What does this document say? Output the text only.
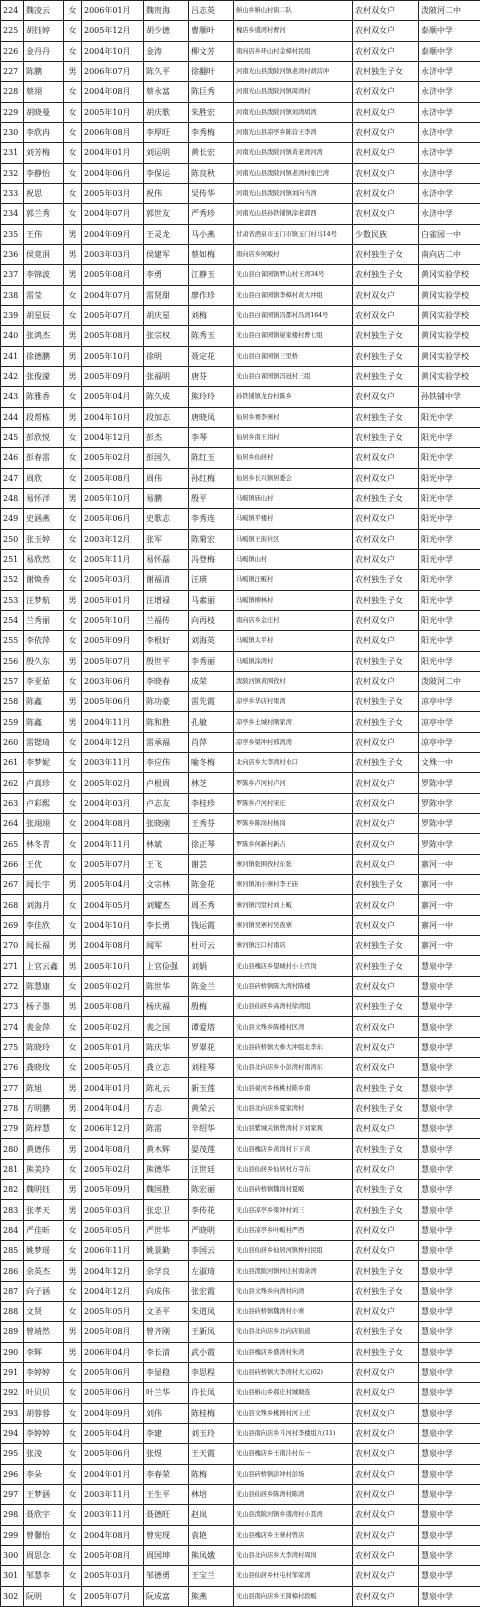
224	魏凌云	女	2006年01月	魏贵海	吕志英	斛山乡斛山村街二队	农村双女户	泼陂河二中
225	胡钰婷	女	2005年12月	胡少德	曹顺叶	槐店乡盛湾村曹河	农村双女户	泰顺中学
226	金丹丹	女	2004年10月	金涛	柳文芳	南向店乡环山村金樟村民组	农村双女户	泰顺中学
227	陈鹏	男	2006年07月	陈久平	徐翻叶	河南光山县泼陂河镇老湾村胡营冲	农村独生子女	永济中学
228	蔡翊	女	2004年08月	蔡永富	陈巨秀	河南光山县泼陂河镇周湾村	农村双女户	永济中学
229	胡晓曼	女	2005年10月	胡庆歌	朱胜宏	河南光山县泼陂河镇刘湾胡湾	农村双女户	永济中学
230	李欣冉	女	2006年08月	李厚旺	李秀梅	河南光山县凉亭乡陈营王李湾	农村双女户	永济中学
231	刘芳梅	女	2004年01月	刘运明	黄长宏	河南光山县泼陂河镇黄老湾河湾	农村双女户	永济中学
232	李静怡	女	2004年06月	李保运	陈良秋	河南光山县泼陂河镇老湾村张巴湾	农村双女户	永济中学
233	祝思	女	2005年03月	祝伟	吴传华	河南光山县泼陂河镇刘向当湾	农村双女户	永济中学
234	郭兰秀	女	2004年07月	郭世友	严秀珍	河南光山县孙铁铺镇涂老郭西	农村双女户	永济中学
235	王伟	男	2004年09月	王灵龙	马小燕	甘肃省酒泉市玉门市镇玉门村马14号	少数民族	白雀园一中
236	侯竟涓	男	2003年03月	侯建军	蔡如梅	南向店乡何畈村	农村独生子女	南向店二中
237	李锦波	男	2005年08月	李勇	江静玉	光山县白雀园镇罗山村王湾34号	农村独生子女	黄冈实验学校
238	雷莹	女	2004年07月	雷贤甜	廖作珍	光山县白雀园镇李樟村黄大冲组	农村双女户	黄冈实验学校
239	胡星辰	女	2005年07月	胡庆星	刘梅	光山县白雀园镇冯都村冯湾164号	农村双女户	黄冈实验学校
240	张鸿杰	男	2005年08月	张宗权	陈秀玉	光山县白雀园镇晏家楼村曹七组	农村独生子女	黄冈实验学校
241	徐德鹏	男	2005年10月	徐明	聂定花	光山县白雀园镇三里桥	农村独生子女	黄冈实验学校
242	张俊濠	男	2005年09月	张福明	唐芬	光山县白雀园镇冯冠村三组	农村独生子女	黄冈实验学校
243	陈雅香	女	2005年04月	陈久成	熊玲玲	孙铁铺镇龙台村陈乡	农村双女户	孙铁铺中学
244	段帮栋	男	2004年10月	段加志	唐晓凤	仙居乡赛李寨村	农村独生子女	阳光中学
245	彭欣悦	女	2004年12月	彭杰	李琴	仙居乡南王岗村	农村独生子女	阳光中学
246	彭春雷	女	2005年02月	彭国久	陈红玉	仙居乡仙居村	农村双女户	阳光中学
247	周欣	女	2005年08月	周伟	孙红梅	仙居乡长兴镇居委会	农村双女户	阳光中学
248	易怀洋	男	2005年10月	易鹏	殷平	马畈镇庙山村	农村独生子女	阳光中学
249	史涵燕	女	2005年06月	史歌志	李秀连	马畈镇平楼村	农村双女户	阳光中学
250	张玉婷	女	2003年12月	张军	陈菊宏	马畈镇王街社区	农村双女户	阳光中学
251	易欣然	女	2005年11月	易怀磊	冯登梅	马畈镇山村	农村双女户	阳光中学
252	谢焕香	女	2005年03月	谢福清	汪瑛	马畈镇汪畈村	农村独生子女	阳光中学
253	汪梦航	男	2005年01月	汪增禄	马素丽	马畈镇柳林村	农村独生子女	阳光中学
254	兰秀丽	女	2005年10月	兰福传	向再枝	南向店乡金庄村	农村双女户	阳光中学
255	李依萍	女	2005年09月	李根好	刘海英	马畈镇太平村	农村双女户	阳光中学
256	殷久东	男	2005年07月	殷世平	李秀丽	马畈镇涂湾村	农村独生子女	阳光中学
257	李亚茹	女	2003年06月	李晓春	成荣	泼陂河镇黄围孜村	农村双女户	泼陂河二中
258	陈鑫	男	2005年06月	陈功豪	雷先霞	凉亭乡华店村果湾	农村独生子女	凉亭中学
259	陈鑫	男	2004年11月	陈和胜	孔敏	凉亭乡土城村刚家湾	农村独生子女	凉亭中学
260	雷锶琦	女	2004年12月	雷承福	肖萍	凉亭乡梁冲村邢湾湾	农村双女户	凉亭中学
261	李梦妮	女	2003年11月	李应伟	喻冬梅	北向店乡大李湾村水口	农村独生子女	文殊一中
262	卢真珍	女	2005年02月	卢根周	林芝	罗陈乡卢河村卢河	农村双女户	罗陈中学
263	卢彩熙	女	2004年03月	卢志友	李桂珍	罗陈乡卢河村宋庄	农村双女户	罗陈中学
264	张翊翊	女	2004年08月	张晓刚	王秀芬	罗陈乡陈岗村杨岗	农村双女户	罗陈中学
265	林冬青	女	2004年11月	林斌	徐正琴	罗陈乡何新村新吉	农村双女户	罗陈中学
266	王优	女	2005年07月	王飞	谢芸	寨河镇张围孜村东张	农村双女户	寨河一中
267	闻长宇	男	2005年04月	文宗林	陈金花	寨河镇油小寨村李王庙	农村独生子女	寨河一中
268	刘海月	女	2004年05月	刘耀杰	周丕秀	寨河镇闫堂村刘上畈	农村双女户	寨河一中
269	李佳欣	女	2004年10月	李长勇	钱运霞	寨河镇吴寨村吴夜寨	农村双女户	寨河一中
270	闻长福	男	2004年08月	闻军	杜可云	寨河镇汪口村南店	农村独生子女	寨河一中
271	上官云鑫	男	2005年10月	上官俭强	刘娟	光山县槐店乡望城村小上官岗	农村独生子女	慧泉中学
272	陈慧康	女	2005年02月	陈世华	陈金兰	光山县砖桥镇陈大湾村陈楼	农村双女户	慧泉中学
273	杨子墨	男	2005年08月	杨庆福	殷梅	光山县仙居乡高湾村徐湾组	农村独生子女	慧泉中学
274	裴金萍	女	2005年02月	裴之国	谭爱塔	光山县文殊乡陈楼村区湾	农村双女户	慧泉中学
275	陈晓玲	女	2005年01月	陈庆华	罗翠花	光山县砖桥镇大参大冲组北李东	农村双女户	慧泉中学
276	龚晓玫	女	2005年05月	龚立志	刘桂琴	光山县北向店乡小彭湾村南湾东	农村双女户	慧泉中学
277	陈旭	男	2004年01月	陈礼云	新玉莲	光山县晏河乡杨桃村陈乡南	农村独生子女	慧泉中学
278	方明鹏	男	2004年04月	方志	黄荣云	光山县北向店乡夏家湾村	农村独生子女	慧泉中学
279	陈梓慧	女	2006年12月	陈雷	辛绍华	光山县紫城关镇曾湾村下刘家观	农村双女户	慧泉中学
280	黄德伟	男	2004年08月	黄木辉	晏茂莲	光山县槐店乡黄岗村下下黄	农村独生子女	慧泉中学
281	熊美玲	女	2005年02月	熊德华	汪世廷	光山县仙居乡仙居村万寺东	农村双女户	慧泉中学
282	魏明钰	男	2005年09月	魏国胜	陈宏丽	光山县砖桥镇魏岗村夏畈	农村独生子女	慧泉中学
283	张孝天	男	2005年03月	张忠卫	李传花	光山县凉亭乡梁冲村刘三	农村独生子女	慧泉中学
284	严佳昕	女	2005年05月	严世华	严晓明	光山县凉亭乡叶畈村严西	农村双女户	慧泉中学
285	姚梦瑶	女	2006年11月	姚景勤	李国云	光山县仙居乡仙居河镇桥村民组	农村双女户	慧泉中学
286	余英杰	男	2004年12月	余学良	左淑琦	光山县泼陂河镇何庄村南余湾	农村独生子女	慧泉中学
287	向子涵	女	2004年12月	向成伟	张宏霞	光山县文殊乡向湾村向湾	农村独生子女	慧泉中学
288	文贤	女	2005年05月	文圣平	朱道凤	光山县砖桥镇魏湾村小寨	农村双女户	慧泉中学
289	曾靖然	男	2005年08月	曾齐刚	王新凤	光山县北向店乡北向店街道	农村独生子女	慧泉中学
290	李辉	男	2006年04月	李长清	武小霞	光山县槐店乡盛湾村朱湾	农村独生子女	慧泉中学
291	李婷婷	女	2005年06月	李显稳	李思程	光山县砖桥镇大李湾村大元(02)	农村双女户	慧泉中学
292	叶贝贝	女	2005年06月	叶兰华	许长凤	光山县斛山乡郝庄村城塘连	农村双女户	慧泉中学
293	胡蓉蓉	女	2004年09月	刘伟	陈桂梅	光山县文殊乡桃园村河上庄	农村双女户	慧泉中学
294	李婷婷	女	2005年04月	李建	刘玉玲	光山县南向店乡斗河村李楼组九(11)	农村双女户	慧泉中学
295	张凌	女	2005年06月	张煜	王天霞	光山县槐店乡王南洼村东一	农村双女户	慧泉中学
296	李朵	女	2004年01月	李春荣	陈梅	光山县砖桥镇彭冲村彭场	农村双女户	慧泉中学
297	王梦涵	女	2003年11月	王生平	林培	光山县仙居乡陈湾村陈湾	农村双女户	慧泉中学
298	聂欣宇	女	2003年11月	聂德旺	赵岚	光山县泼陂河镇乡盛湾村小聂湾	农村双女户	慧泉中学
299	曾馨怡	女	2004年08月	曾宪现	袁艳	光山县槐店乡王寨村曾店	农村双女户	慧泉中学
300	周思念	女	2005年08月	周国坤	熊凤娥	光山县北向店乡大李湾村周岗	农村双女户	慧泉中学
301	邹慧李	女	2005年03月	邹德勇	王宝兰	光山县仙居乡杜屯村邹家湾	农村双女户	慧泉中学
302	阮明	女	2005年07月	阮成富	熊燕	光山县南向店乡王简樟村段畈	农村双女户	慧泉中学
